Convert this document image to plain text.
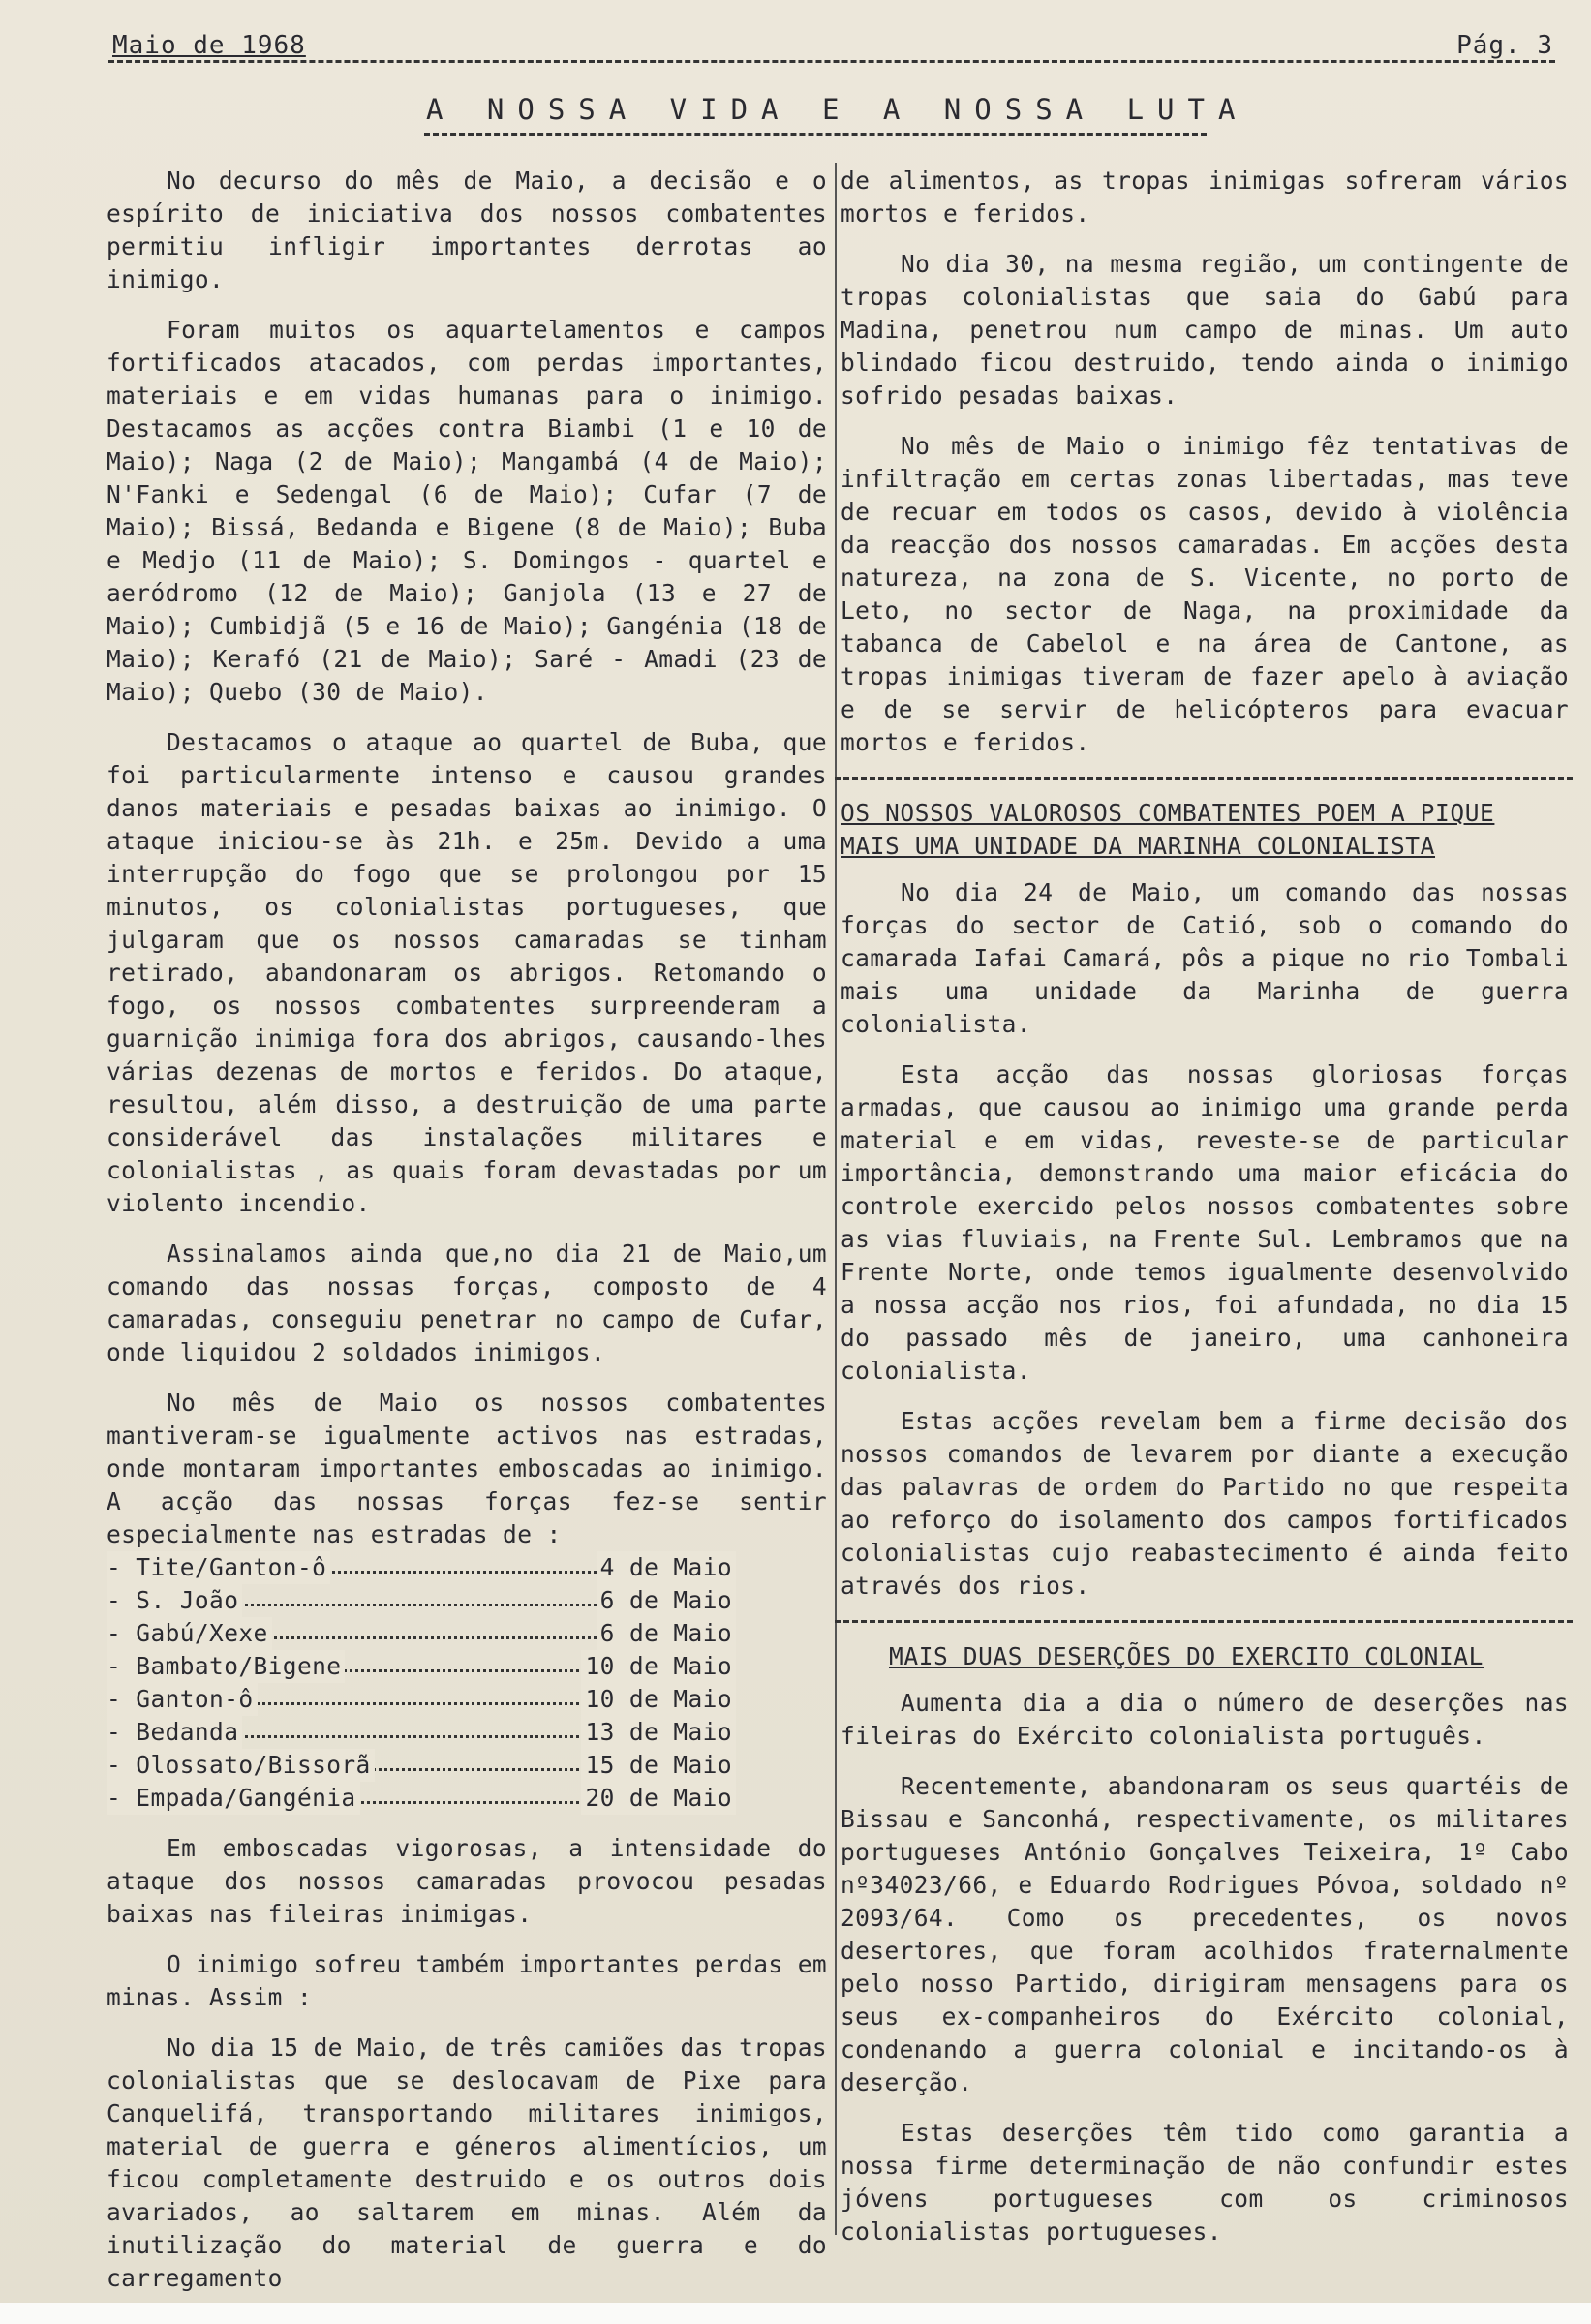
Maio de 1968	Pág. 3
A NOSSA VIDA E A NOSSA LUTA

No decurso do mês de Maio, a decisão e o espírito de iniciativa dos nossos combatentes permitiu infligir importantes derrotas ao inimigo.

Foram muitos os aquartelamentos e campos fortificados atacados, com perdas importantes, materiais e em vidas humanas para o inimigo. Destacamos as acções contra Biambi (1 e 10 de Maio); Naga (2 de Maio); Mangambá (4 de Maio); N'Fanki e Sedengal (6 de Maio); Cufar (7 de Maio); Bissá, Bedanda e Bigene (8 de Maio); Buba e Medjo (11 de Maio); S. Domingos - quartel e aeródromo (12 de Maio); Ganjola (13 e 27 de Maio); Cumbidjã (5 e 16 de Maio); Gangénia (18 de Maio); Kerafó (21 de Maio); Saré - Amadi (23 de Maio); Quebo (30 de Maio).

Destacamos o ataque ao quartel de Buba, que foi particularmente intenso e causou grandes danos materiais e pesadas baixas ao inimigo. O ataque iniciou-se às 21h. e 25m. Devido a uma interrupção do fogo que se prolongou por 15 minutos, os colonialistas portugueses, que julgaram que os nossos camaradas se tinham retirado, abandonaram os abrigos. Retomando o fogo, os nossos combatentes surpreenderam a guarnição inimiga fora dos abrigos, causando-lhes várias dezenas de mortos e feridos. Do ataque, resultou, além disso, a destruição de uma parte considerável das instalações militares e colonialistas , as quais foram devastadas por um violento incendio.

Assinalamos ainda que,no dia 21 de Maio,um comando das nossas forças, composto de 4 camaradas, conseguiu penetrar no campo de Cufar, onde liquidou 2 soldados inimigos.

No mês de Maio os nossos combatentes mantiveram-se igualmente activos nas estradas, onde montaram importantes emboscadas ao inimigo. A acção das nossas forças fez-se sentir especialmente nas estradas de :

- Tite/Ganton-ô	4 de Maio
- S. João	6 de Maio
- Gabú/Xexe	6 de Maio
- Bambato/Bigene	10 de Maio
- Ganton-ô	10 de Maio
- Bedanda	13 de Maio
- Olossato/Bissorã	15 de Maio
- Empada/Gangénia	20 de Maio

Em emboscadas vigorosas, a intensidade do ataque dos nossos camaradas provocou pesadas baixas nas fileiras inimigas.

O inimigo sofreu também importantes perdas em minas. Assim :

No dia 15 de Maio, de três camiões das tropas colonialistas que se deslocavam de Pixe para Canquelifá, transportando militares inimigos, material de guerra e géneros alimentícios, um ficou completamente destruido e os outros dois avariados, ao saltarem em minas. Além da inutilização do material de guerra e do carregamento

de alimentos, as tropas inimigas sofreram vários mortos e feridos.

No dia 30, na mesma região, um contingente de tropas colonialistas que saia do Gabú para Madina, penetrou num campo de minas. Um auto blindado ficou destruido, tendo ainda o inimigo sofrido pesadas baixas.

No mês de Maio o inimigo fêz tentativas de infiltração em certas zonas libertadas, mas teve de recuar em todos os casos, devido à violência da reacção dos nossos camaradas. Em acções desta natureza, na zona de S. Vicente, no porto de Leto, no sector de Naga, na proximidade da tabanca de Cabelol e na área de Cantone, as tropas inimigas tiveram de fazer apelo à aviação e de se servir de helicópteros para evacuar mortos e feridos.

OS NOSSOS VALOROSOS COMBATENTES POEM A PIQUE
MAIS UMA UNIDADE DA MARINHA COLONIALISTA

No dia 24 de Maio, um comando das nossas forças do sector de Catió, sob o comando do camarada Iafai Camará, pôs a pique no rio Tombali mais uma unidade da Marinha de guerra colonialista.

Esta acção das nossas gloriosas forças armadas, que causou ao inimigo uma grande perda material e em vidas, reveste-se de particular importância, demonstrando uma maior eficácia do controle exercido pelos nossos combatentes sobre as vias fluviais, na Frente Sul. Lembramos que na Frente Norte, onde temos igualmente desenvolvido a nossa acção nos rios, foi afundada, no dia 15 do passado mês de janeiro, uma canhoneira colonialista.

Estas acções revelam bem a firme decisão dos nossos comandos de levarem por diante a execução das palavras de ordem do Partido no que respeita ao reforço do isolamento dos campos fortificados colonialistas cujo reabastecimento é ainda feito através dos rios.

MAIS DUAS DESERÇÕES DO EXERCITO COLONIAL

Aumenta dia a dia o número de deserções nas fileiras do Exército colonialista português.

Recentemente, abandonaram os seus quartéis de Bissau e Sanconhá, respectivamente, os militares portugueses António Gonçalves Teixeira, 1º Cabo nº34023/66, e Eduardo Rodrigues Póvoa, soldado nº 2093/64. Como os precedentes, os novos desertores, que foram acolhidos fraternalmente pelo nosso Partido, dirigiram mensagens para os seus ex-companheiros do Exército colonial, condenando a guerra colonial e incitando-os à deserção.

Estas deserções têm tido como garantia a nossa firme determinação de não confundir estes jóvens portugueses com os criminosos colonialistas portugueses.
